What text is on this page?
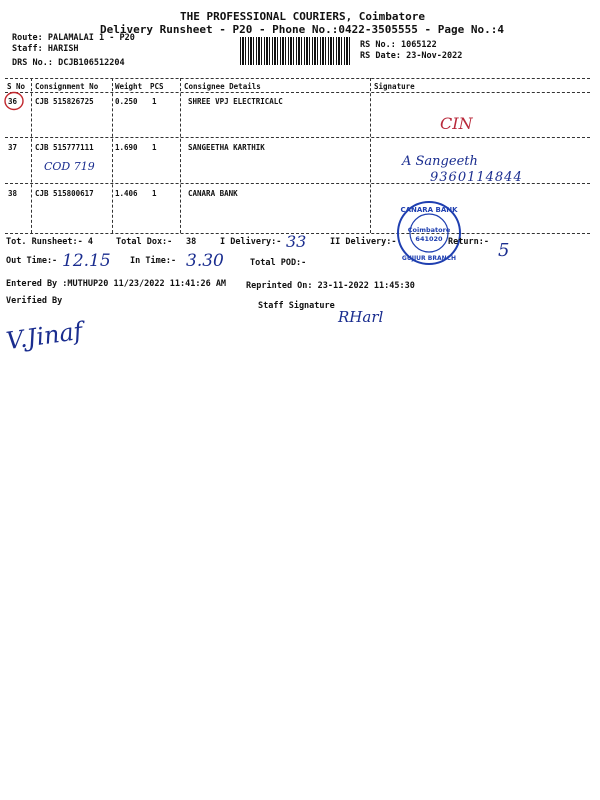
THE PROFESSIONAL COURIERS, Coimbatore
Delivery Runsheet - P20 - Phone No.:0422-3505555 - Page No.:4
Route: PALAMALAI 1 - P20
Staff: HARISH
DRS No.: DCJB106512204
RS No.: 1065122
RS Date: 23-Nov-2022
S No Consignment No Weight PCS	Consignee Details	Signature
36 CJB 515826725	0.250 1	SHREE VPJ ELECTRICALC
CIN
37 CJB 515777111	1.690 1	SANGEETHA KARTHIK
COD 719	A Sangeeth
9360114844
38 CJB 515800617	1.406 1	CANARA BANK
CANARA BANK
Coimbatore
641020
GUJJUR BRANCH
Tot. Runsheet:- 4	Total Dox:- 38	I Delivery:- 33	II Delivery:-	Return:- 5
Out Time:- 12.15 In Time:- 3.30	Total POD:-
Entered By :MUTHUP20 11/23/2022 11:41:26 AM Reprinted On: 23-11-2022 11:45:30
Verified By	Staff Signature
RHarl
V.Jinaf
